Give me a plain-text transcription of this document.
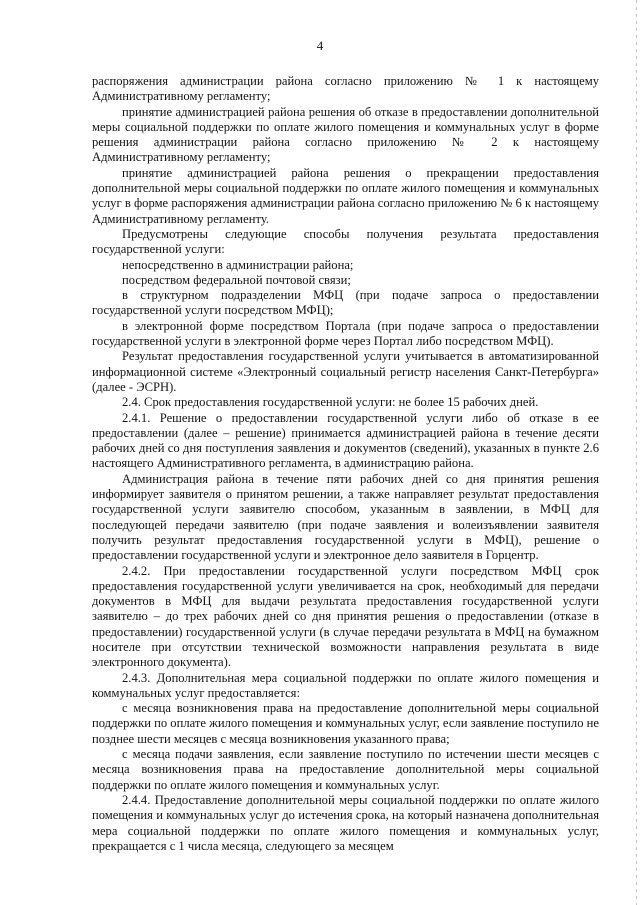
4

распоряжения администрации района согласно приложению № 1 к настоящему Административному регламенту;

принятие администрацией района решения об отказе в предоставлении дополнительной меры социальной поддержки по оплате жилого помещения и коммунальных услуг в форме решения администрации района согласно приложению № 2 к настоящему Административному регламенту;

принятие администрацией района решения о прекращении предоставления дополнительной меры социальной поддержки по оплате жилого помещения и коммунальных услуг в форме распоряжения администрации района согласно приложению № 6 к настоящему Административному регламенту.

Предусмотрены следующие способы получения результата предоставления государственной услуги:

непосредственно в администрации района;

посредством федеральной почтовой связи;

в структурном подразделении МФЦ (при подаче запроса о предоставлении государственной услуги посредством МФЦ);

в электронной форме посредством Портала (при подаче запроса о предоставлении государственной услуги в электронной форме через Портал либо посредством МФЦ).

Результат предоставления государственной услуги учитывается в автоматизированной информационной системе «Электронный социальный регистр населения Санкт-Петербурга» (далее - ЭСРН).

2.4. Срок предоставления государственной услуги: не более 15 рабочих дней.

2.4.1. Решение о предоставлении государственной услуги либо об отказе в ее предоставлении (далее – решение) принимается администрацией района в течение десяти рабочих дней со дня поступления заявления и документов (сведений), указанных в пункте 2.6 настоящего Административного регламента, в администрацию района.

Администрация района в течение пяти рабочих дней со дня принятия решения информирует заявителя о принятом решении, а также направляет результат предоставления государственной услуги заявителю способом, указанным в заявлении, в МФЦ для последующей передачи заявителю (при подаче заявления и волеизъявлении заявителя получить результат предоставления государственной услуги в МФЦ), решение о предоставлении государственной услуги и электронное дело заявителя в Горцентр.

2.4.2. При предоставлении государственной услуги посредством МФЦ срок предоставления государственной услуги увеличивается на срок, необходимый для передачи документов в МФЦ для выдачи результата предоставления государственной услуги заявителю – до трех рабочих дней со дня принятия решения о предоставлении (отказе в предоставлении) государственной услуги (в случае передачи результата в МФЦ на бумажном носителе при отсутствии технической возможности направления результата в виде электронного документа).

2.4.3. Дополнительная мера социальной поддержки по оплате жилого помещения и коммунальных услуг предоставляется:

с месяца возникновения права на предоставление дополнительной меры социальной поддержки по оплате жилого помещения и коммунальных услуг, если заявление поступило не позднее шести месяцев с месяца возникновения указанного права;

с месяца подачи заявления, если заявление поступило по истечении шести месяцев с месяца возникновения права на предоставление дополнительной меры социальной поддержки по оплате жилого помещения и коммунальных услуг.

2.4.4. Предоставление дополнительной меры социальной поддержки по оплате жилого помещения и коммунальных услуг до истечения срока, на который назначена дополнительная мера социальной поддержки по оплате жилого помещения и коммунальных услуг, прекращается с 1 числа месяца, следующего за месяцем
